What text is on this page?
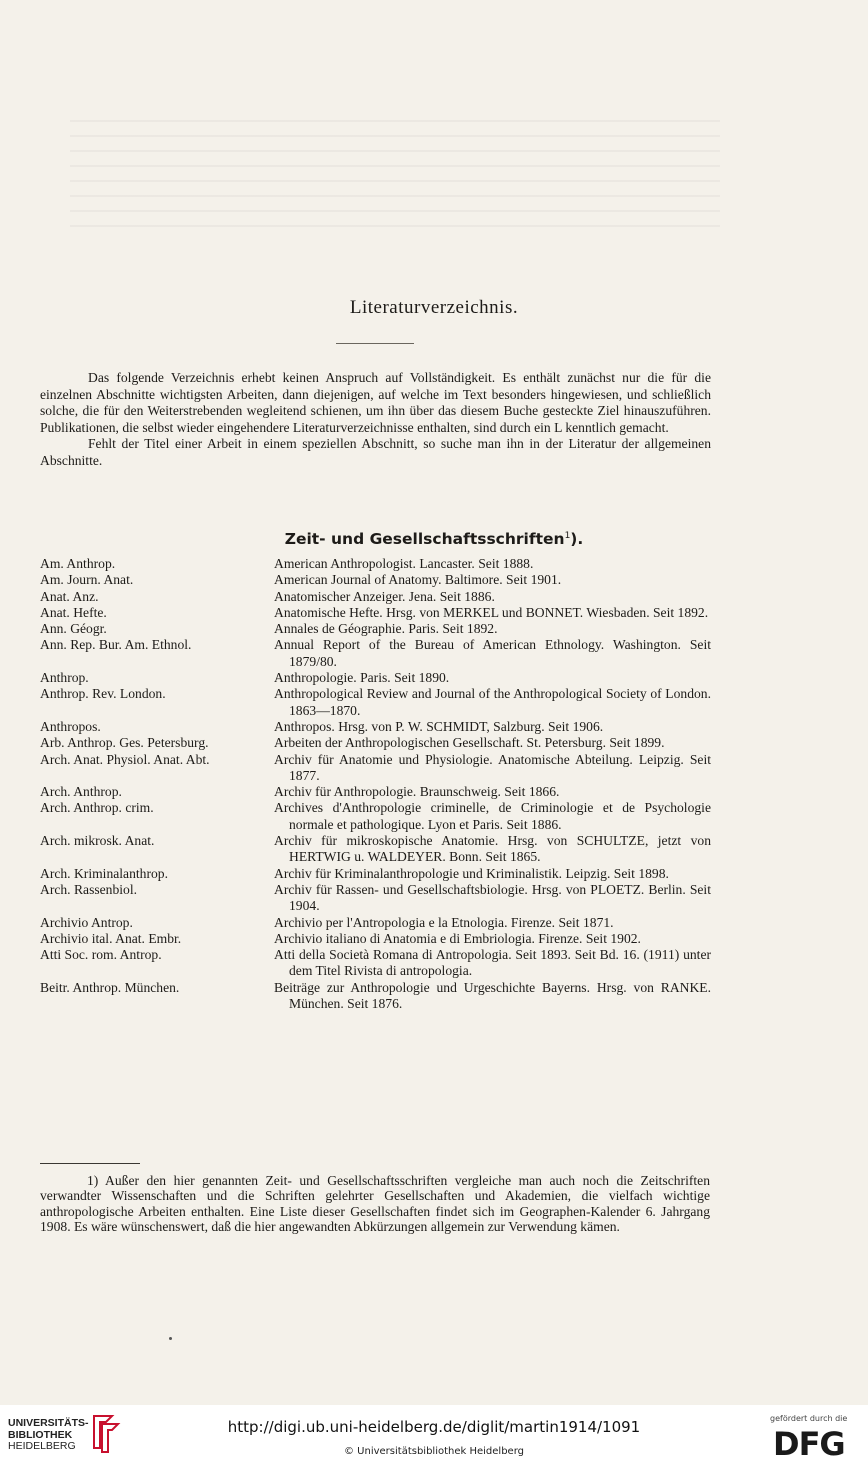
Literaturverzeichnis.

Das folgende Verzeichnis erhebt keinen Anspruch auf Vollständigkeit. Es enthält zunächst nur die für die einzelnen Abschnitte wichtigsten Arbeiten, dann diejenigen, auf welche im Text besonders hingewiesen, und schließlich solche, die für den Weiterstrebenden wegleitend schienen, um ihn über das diesem Buche gesteckte Ziel hinauszuführen. Publikationen, die selbst wieder eingehendere Literaturverzeichnisse enthalten, sind durch ein L kenntlich gemacht.

Fehlt der Titel einer Arbeit in einem speziellen Abschnitt, so suche man ihn in der Literatur der allgemeinen Abschnitte.

Zeit- und Gesellschaftsschriften$^1$).
Am. Anthrop.	American Anthropologist. Lancaster. Seit 1888.
Am. Journ. Anat.	American Journal of Anatomy. Baltimore. Seit 1901.
Anat. Anz.	Anatomischer Anzeiger. Jena. Seit 1886.
Anat. Hefte.	Anatomische Hefte. Hrsg. von MERKEL und BONNET. Wiesbaden. Seit 1892.
Ann. Géogr.	Annales de Géographie. Paris. Seit 1892.
Ann. Rep. Bur. Am. Ethnol.	Annual Report of the Bureau of American Ethnology. Washington. Seit 1879/80.
Anthrop.	Anthropologie. Paris. Seit 1890.
Anthrop. Rev. London.	Anthropological Review and Journal of the Anthropological Society of London. 1863—1870.
Anthropos.	Anthropos. Hrsg. von P. W. SCHMIDT, Salzburg. Seit 1906.
Arb. Anthrop. Ges. Petersburg.	Arbeiten der Anthropologischen Gesellschaft. St. Petersburg. Seit 1899.
Arch. Anat. Physiol. Anat. Abt.	Archiv für Anatomie und Physiologie. Anatomische Abteilung. Leipzig. Seit 1877.
Arch. Anthrop.	Archiv für Anthropologie. Braunschweig. Seit 1866.
Arch. Anthrop. crim.	Archives d'Anthropologie criminelle, de Criminologie et de Psychologie normale et pathologique. Lyon et Paris. Seit 1886.
Arch. mikrosk. Anat.	Archiv für mikroskopische Anatomie. Hrsg. von SCHULTZE, jetzt von HERTWIG u. WALDEYER. Bonn. Seit 1865.
Arch. Kriminalanthrop.	Archiv für Kriminalanthropologie und Kriminalistik. Leipzig. Seit 1898.
Arch. Rassenbiol.	Archiv für Rassen- und Gesellschaftsbiologie. Hrsg. von PLOETZ. Berlin. Seit 1904.
Archivio Antrop.	Archivio per l'Antropologia e la Etnologia. Firenze. Seit 1871.
Archivio ital. Anat. Embr.	Archivio italiano di Anatomia e di Embriologia. Firenze. Seit 1902.
Atti Soc. rom. Antrop.	Atti della Società Romana di Antropologia. Seit 1893. Seit Bd. 16. (1911) unter dem Titel Rivista di antropologia.
Beitr. Anthrop. München.	Beiträge zur Anthropologie und Urgeschichte Bayerns. Hrsg. von RANKE. München. Seit 1876.
1) Außer den hier genannten Zeit- und Gesellschaftsschriften vergleiche man auch noch die Zeitschriften verwandter Wissenschaften und die Schriften gelehrter Gesellschaften und Akademien, die vielfach wichtige anthropologische Arbeiten enthalten. Eine Liste dieser Gesellschaften findet sich im Geographen-Kalender 6. Jahrgang 1908. Es wäre wünschenswert, daß die hier angewandten Abkürzungen allgemein zur Verwendung kämen.
UNIVERSITÄTS-
BIBLIOTHEK
HEIDELBERG
http://digi.ub.uni-heidelberg.de/diglit/martin1914/1091
© Universitätsbibliothek Heidelberg
gefördert durch die
DFG
